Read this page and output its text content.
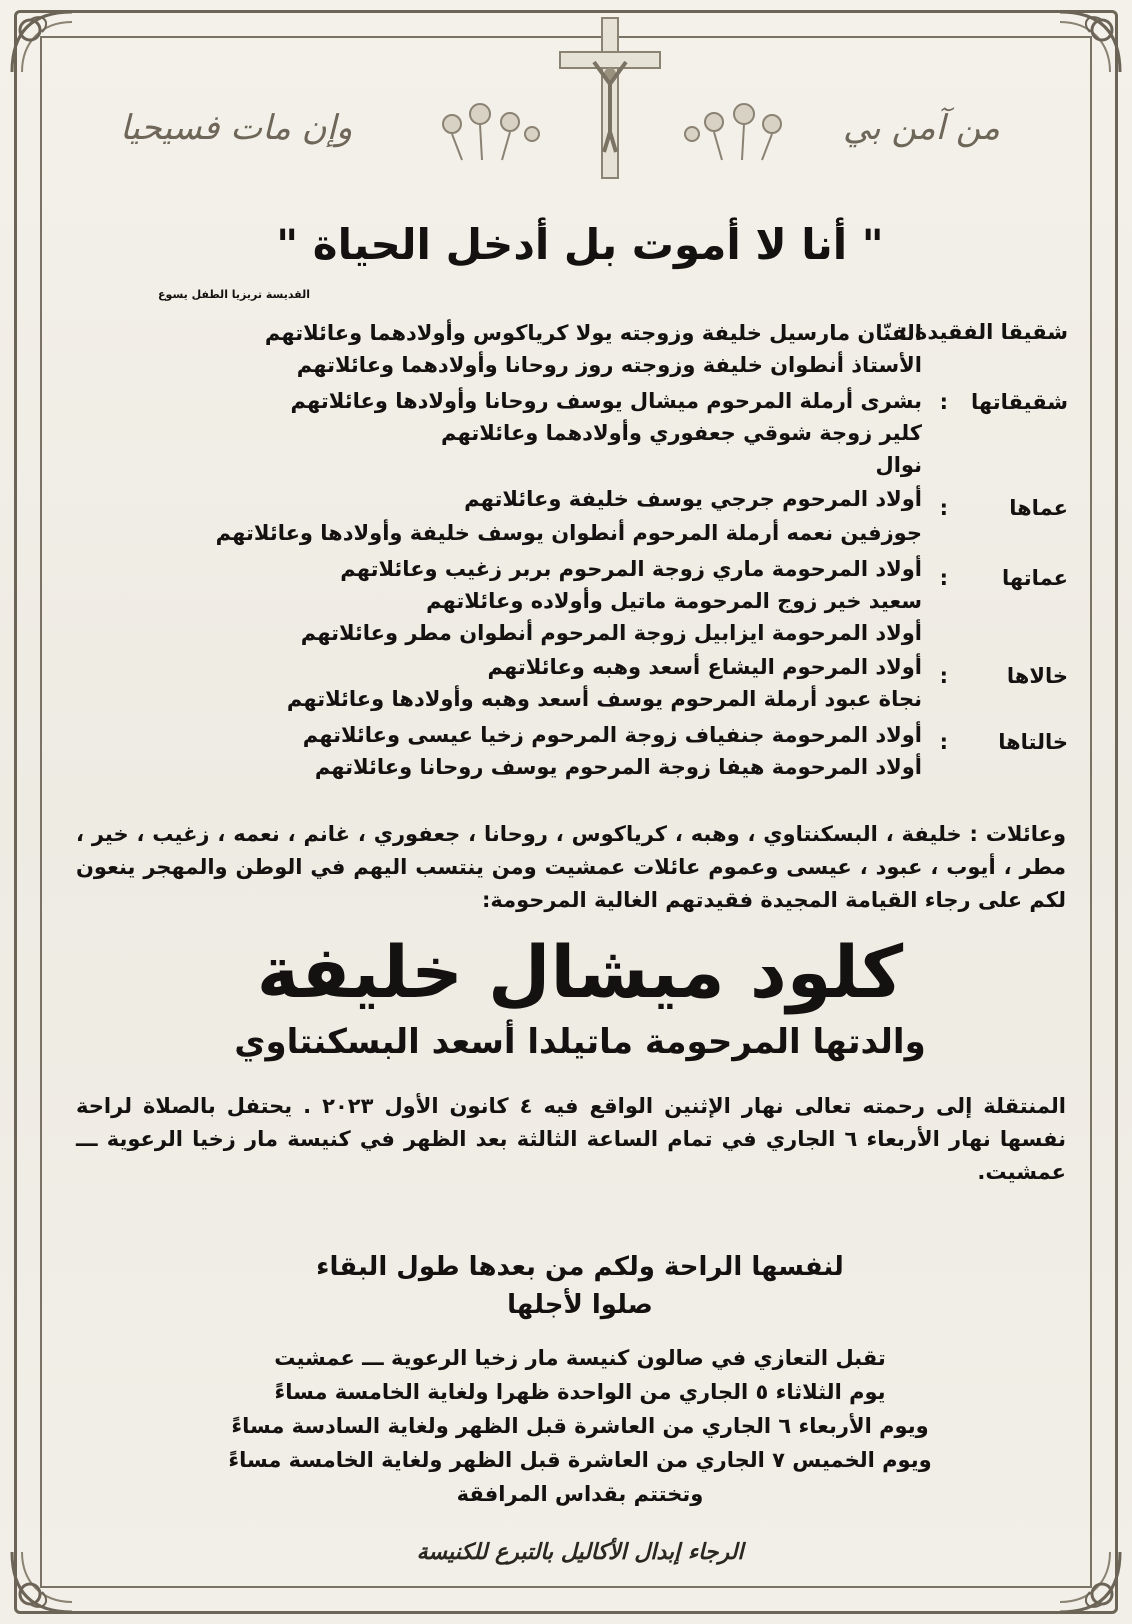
من آمن بي
وإن مات فسيحيا
" أنا لا أموت بل أدخل الحياة "
القديسة تريزيا الطفل يسوع
شقيقا الفقيدة :
الفنّان مارسيل خليفة وزوجته يولا كرياكوس وأولادهما وعائلاتهم
الأستاذ أنطوان خليفة وزوجته روز روحانا وأولادهما وعائلاتهم
شقيقاتها
:
بشرى أرملة المرحوم ميشال يوسف روحانا وأولادها وعائلاتهم
كلير زوجة شوقي جعفوري وأولادهما وعائلاتهم
نوال
عماها
:
أولاد المرحوم جرجي يوسف خليفة وعائلاتهم
جوزفين نعمه أرملة المرحوم أنطوان يوسف خليفة وأولادها وعائلاتهم
عماتها
:
أولاد المرحومة ماري زوجة المرحوم بربر زغيب وعائلاتهم
سعيد خير زوج المرحومة ماتيل وأولاده وعائلاتهم
أولاد المرحومة ايزابيل زوجة المرحوم أنطوان مطر وعائلاتهم
خالاها
:
أولاد المرحوم اليشاع أسعد وهبه وعائلاتهم
نجاة عبود أرملة المرحوم يوسف أسعد وهبه وأولادها وعائلاتهم
خالتاها
:
أولاد المرحومة جنفياف زوجة المرحوم زخيا عيسى وعائلاتهم
أولاد المرحومة هيفا زوجة المرحوم يوسف روحانا وعائلاتهم
وعائلات : خليفة ، البسكنتاوي ، وهبه ، كرياكوس ، روحانا ، جعفوري ، غانم ، نعمه ، زغيب ، خير ، مطر ، أيوب ، عبود ، عيسى وعموم عائلات عمشيت ومن ينتسب اليهم في الوطن والمهجر ينعون لكم على رجاء القيامة المجيدة فقيدتهم الغالية المرحومة:
كلود ميشال خليفة
والدتها المرحومة ماتيلدا أسعد البسكنتاوي
المنتقلة إلى رحمته تعالى نهار الإثنين الواقع فيه ٤ كانون الأول ٢٠٢٣ . يحتفل بالصلاة لراحة نفسها نهار الأربعاء ٦ الجاري في تمام الساعة الثالثة بعد الظهر في كنيسة مار زخيا الرعوية ـــ عمشيت.
لنفسها الراحة ولكم من بعدها طول البقاء
صلوا لأجلها
تقبل التعازي في صالون كنيسة مار زخيا الرعوية ـــ عمشيت
يوم الثلاثاء ٥ الجاري من الواحدة ظهرا ولغاية الخامسة مساءً
ويوم الأربعاء ٦ الجاري من العاشرة قبل الظهر ولغاية السادسة مساءً
ويوم الخميس ٧ الجاري من العاشرة قبل الظهر ولغاية الخامسة مساءً
وتختتم بقداس المرافقة
الرجاء إبدال الأكاليل بالتبرع للكنيسة
